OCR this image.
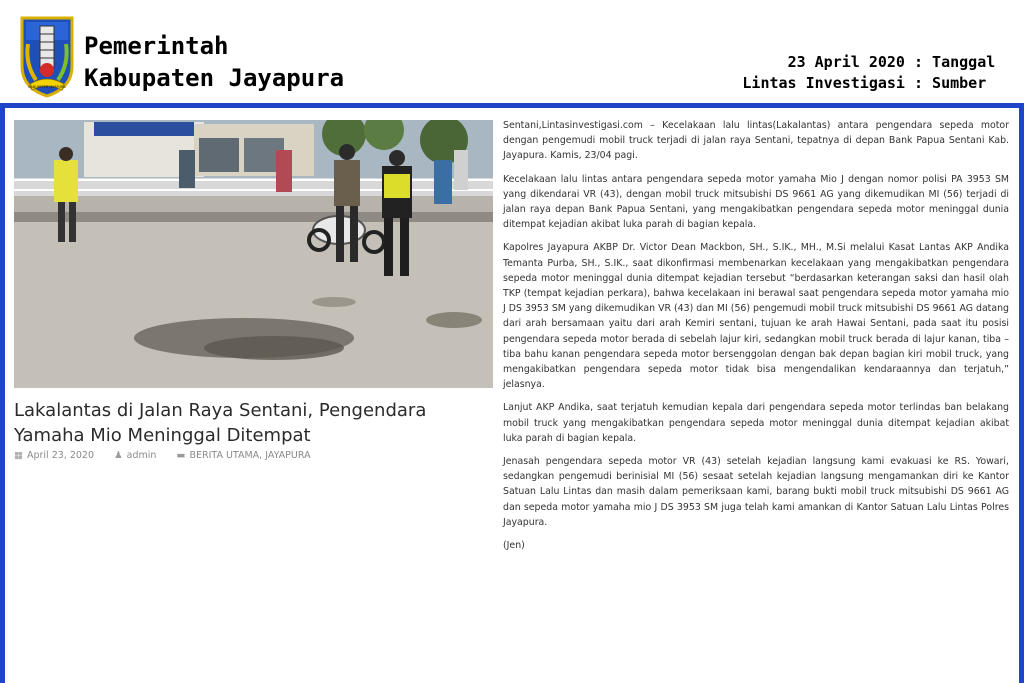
KABUPATEN JAYAPURA
Pemerintah
Kabupaten Jayapura
23 April 2020 : Tanggal
Lintas Investigasi : Sumber
Lakalantas di Jalan Raya Sentani, Pengendara Yamaha Mio Meninggal Ditempat
▦ April 23, 2020 ♟ admin ▬ BERITA UTAMA, JAYAPURA

Sentani,Lintasinvestigasi.com – Kecelakaan lalu lintas(Lakalantas) antara pengendara sepeda motor dengan pengemudi mobil truck terjadi di jalan raya Sentani, tepatnya di depan Bank Papua Sentani Kab. Jayapura. Kamis, 23/04 pagi.

Kecelakaan lalu lintas antara pengendara sepeda motor yamaha Mio J dengan nomor polisi PA 3953 SM yang dikendarai VR (43), dengan mobil truck mitsubishi DS 9661 AG yang dikemudikan MI (56) terjadi di jalan raya depan Bank Papua Sentani, yang mengakibatkan pengendara sepeda motor meninggal dunia ditempat kejadian akibat luka parah di bagian kepala.

Kapolres Jayapura AKBP Dr. Victor Dean Mackbon, SH., S.IK., MH., M.Si melalui Kasat Lantas AKP Andika Temanta Purba, SH., S.IK., saat dikonfirmasi membenarkan kecelakaan yang mengakibatkan pengendara sepeda motor meninggal dunia ditempat kejadian tersebut “berdasarkan keterangan saksi dan hasil olah TKP (tempat kejadian perkara), bahwa kecelakaan ini berawal saat pengendara sepeda motor yamaha mio J DS 3953 SM yang dikemudikan VR (43) dan MI (56) pengemudi mobil truck mitsubishi DS 9661 AG datang dari arah bersamaan yaitu dari arah Kemiri sentani, tujuan ke arah Hawai Sentani, pada saat itu posisi pengendara sepeda motor berada di sebelah lajur kiri, sedangkan mobil truck berada di lajur kanan, tiba – tiba bahu kanan pengendara sepeda motor bersenggolan dengan bak depan bagian kiri mobil truck, yang mengakibatkan pengendara sepeda motor tidak bisa mengendalikan kendaraannya dan terjatuh,” jelasnya.

Lanjut AKP Andika, saat terjatuh kemudian kepala dari pengendara sepeda motor terlindas ban belakang mobil truck yang mengakibatkan pengendara sepeda motor meninggal dunia ditempat kejadian akibat luka parah di bagian kepala.

Jenasah pengendara sepeda motor VR (43) setelah kejadian langsung kami evakuasi ke RS. Yowari, sedangkan pengemudi berinisial MI (56) sesaat setelah kejadian langsung mengamankan diri ke Kantor Satuan Lalu Lintas dan masih dalam pemeriksaan kami, barang bukti mobil truck mitsubishi DS 9661 AG dan sepeda motor yamaha mio J DS 3953 SM juga telah kami amankan di Kantor Satuan Lalu Lintas Polres Jayapura.

(Jen)
